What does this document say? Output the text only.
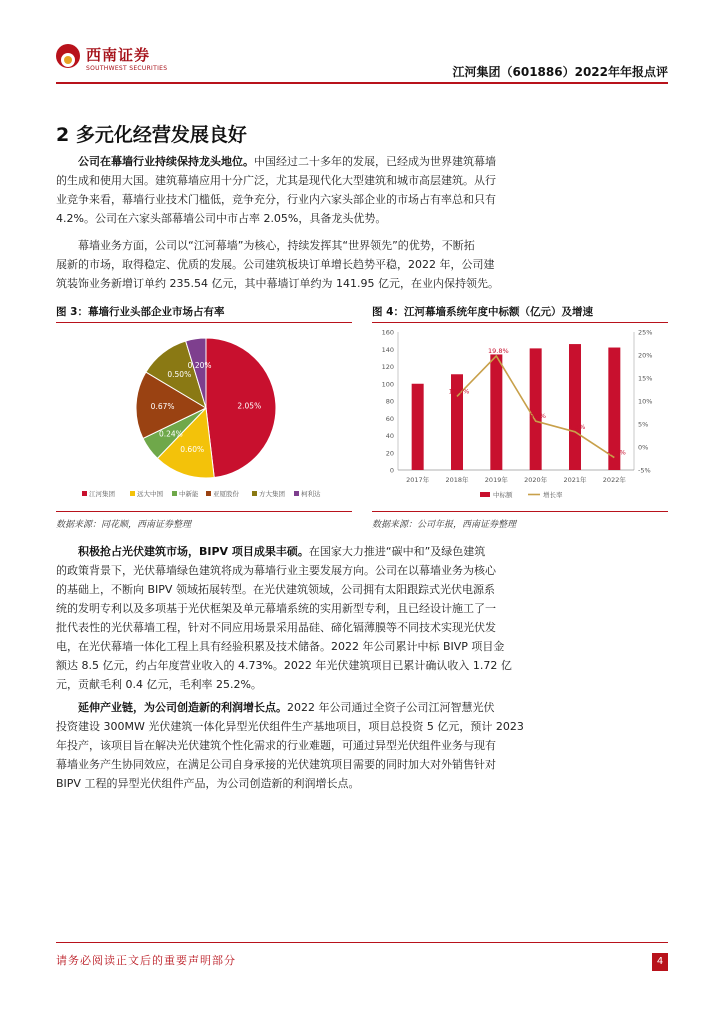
西南证券
SOUTHWEST SECURITIES	江河集团（601886）2022年年报点评
2 多元化经营发展良好
公司在幕墙行业持续保持龙头地位。中国经过二十多年的发展，已经成为世界建筑幕墙
的生成和使用大国。建筑幕墙应用十分广泛，尤其是现代化大型建筑和城市高层建筑。从行
业竞争来看，幕墙行业技术门槛低，竞争充分，行业内六家头部企业的市场占有率总和只有
4.2%。公司在六家头部幕墙公司中市占率 2.05%，具备龙头优势。
幕墙业务方面，公司以“江河幕墙”为核心，持续发挥其“世界领先”的优势，不断拓
展新的市场，取得稳定、优质的发展。公司建筑板块订单增长趋势平稳，2022 年，公司建
筑装饰业务新增订单约 235.54 亿元，其中幕墙订单约为 141.95 亿元，在业内保持领先。
图 3：幕墙行业头部企业市场占有率	图 4：江河幕墙系统年度中标额（亿元）及增速
2.05%
0.60%
0.24%
0.67%
0.50%
0.20%
江河集团	远大中国 中新能 亚厦股份	方大集团 柯利达
0
20
40
60
80
100
120
140
160
-5%
0%
5%
10%
15%
20%
25%
2017年	2018年	2019年	2020年	2021年	2022年
11.0%
19.8%
5.6%
3.3%
-2.3%
中标额	增长率
数据来源：同花顺，西南证券整理	数据来源：公司年报，西南证券整理
积极抢占光伏建筑市场，BIPV 项目成果丰硕。在国家大力推进“碳中和”及绿色建筑
的政策背景下，光伏幕墙绿色建筑将成为幕墙行业主要发展方向。公司在以幕墙业务为核心
的基础上，不断向 BIPV 领域拓展转型。在光伏建筑领域，公司拥有太阳跟踪式光伏电源系
统的发明专利以及多项基于光伏框架及单元幕墙系统的实用新型专利，且已经设计施工了一
批代表性的光伏幕墙工程，针对不同应用场景采用晶硅、碲化镉薄膜等不同技术实现光伏发
电，在光伏幕墙一体化工程上具有经验积累及技术储备。2022 年公司累计中标 BIVP 项目金
额达 8.5 亿元，约占年度营业收入的 4.73%。2022 年光伏建筑项目已累计确认收入 1.72 亿
元，贡献毛利 0.4 亿元，毛利率 25.2%。
延伸产业链，为公司创造新的利润增长点。2022 年公司通过全资子公司江河智慧光伏
投资建设 300MW 光伏建筑一体化异型光伏组件生产基地项目，项目总投资 5 亿元，预计 2023
年投产，该项目旨在解决光伏建筑个性化需求的行业难题，可通过异型光伏组件业务与现有
幕墙业务产生协同效应，在满足公司自身承接的光伏建筑项目需要的同时加大对外销售针对
BIPV 工程的异型光伏组件产品，为公司创造新的利润增长点。
请务必阅读正文后的重要声明部分	4
